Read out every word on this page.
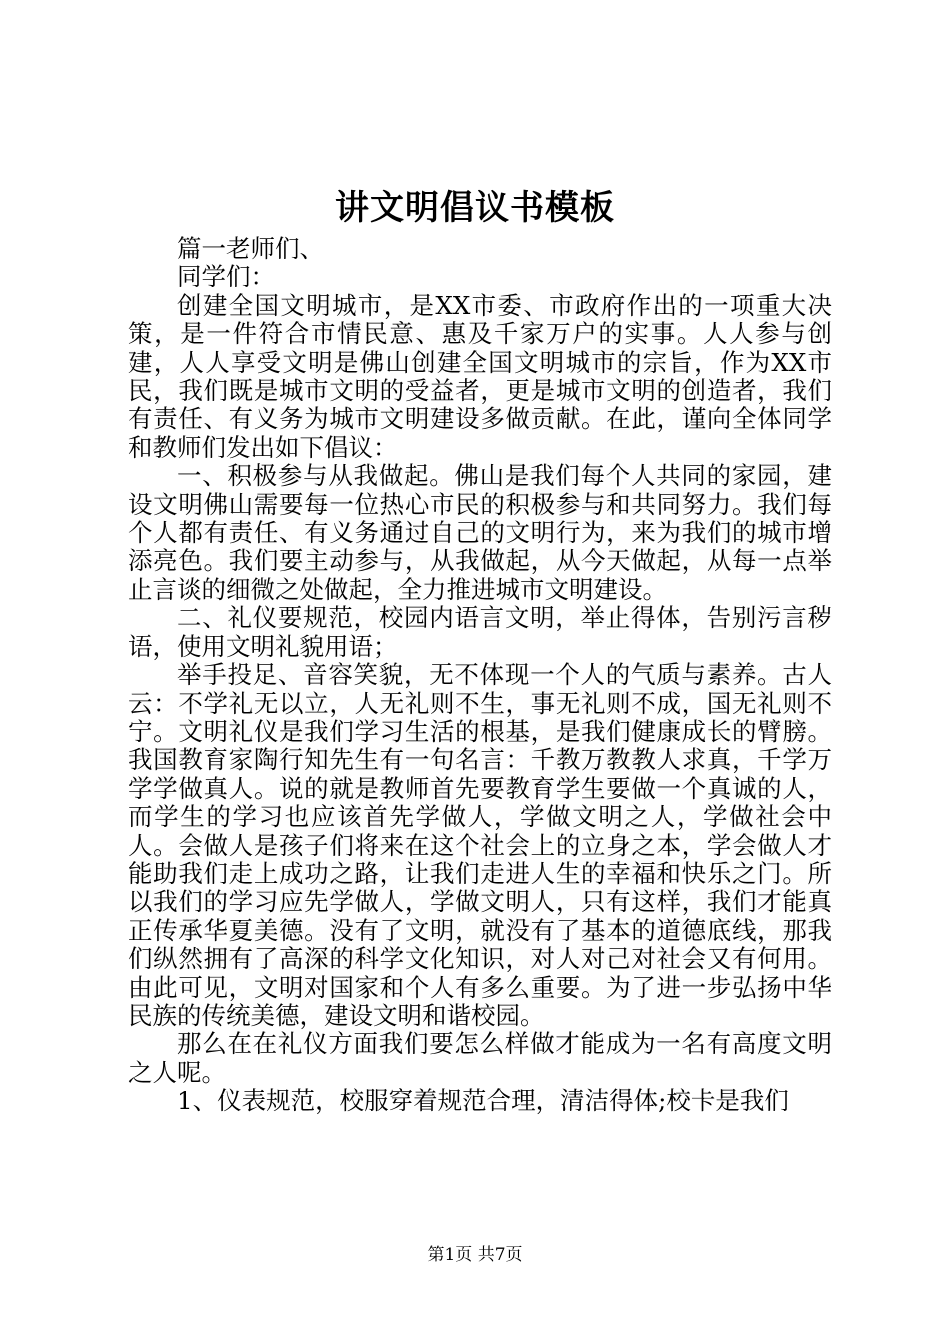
讲文明倡议书模板

篇一老师们、

同学们：

创建全国文明城市，是XX市委、市政府作出的一项重大决策，是一件符合市情民意、惠及千家万户的实事。人人参与创建，人人享受文明是佛山创建全国文明城市的宗旨，作为XX市民，我们既是城市文明的受益者，更是城市文明的创造者，我们有责任、有义务为城市文明建设多做贡献。在此，谨向全体同学和教师们发出如下倡议：

一、积极参与从我做起。佛山是我们每个人共同的家园，建设文明佛山需要每一位热心市民的积极参与和共同努力。我们每个人都有责任、有义务通过自己的文明行为，来为我们的城市增添亮色。我们要主动参与，从我做起，从今天做起，从每一点举止言谈的细微之处做起，全力推进城市文明建设。

二、礼仪要规范，校园内语言文明，举止得体，告别污言秽语，使用文明礼貌用语；

举手投足、音容笑貌，无不体现一个人的气质与素养。古人云：不学礼无以立，人无礼则不生，事无礼则不成，国无礼则不宁。文明礼仪是我们学习生活的根基，是我们健康成长的臂膀。我国教育家陶行知先生有一句名言：千教万教教人求真，千学万学学做真人。说的就是教师首先要教育学生要做一个真诚的人，而学生的学习也应该首先学做人，学做文明之人，学做社会中人。会做人是孩子们将来在这个社会上的立身之本，学会做人才能助我们走上成功之路，让我们走进人生的幸福和快乐之门。所以我们的学习应先学做人，学做文明人，只有这样，我们才能真正传承华夏美德。没有了文明，就没有了基本的道德底线，那我们纵然拥有了高深的科学文化知识，对人对己对社会又有何用。由此可见，文明对国家和个人有多么重要。为了进一步弘扬中华民族的传统美德，建设文明和谐校园。

那么在在礼仪方面我们要怎么样做才能成为一名有高度文明之人呢。

1、仪表规范，校服穿着规范合理，清洁得体;校卡是我们

第1页 共7页
